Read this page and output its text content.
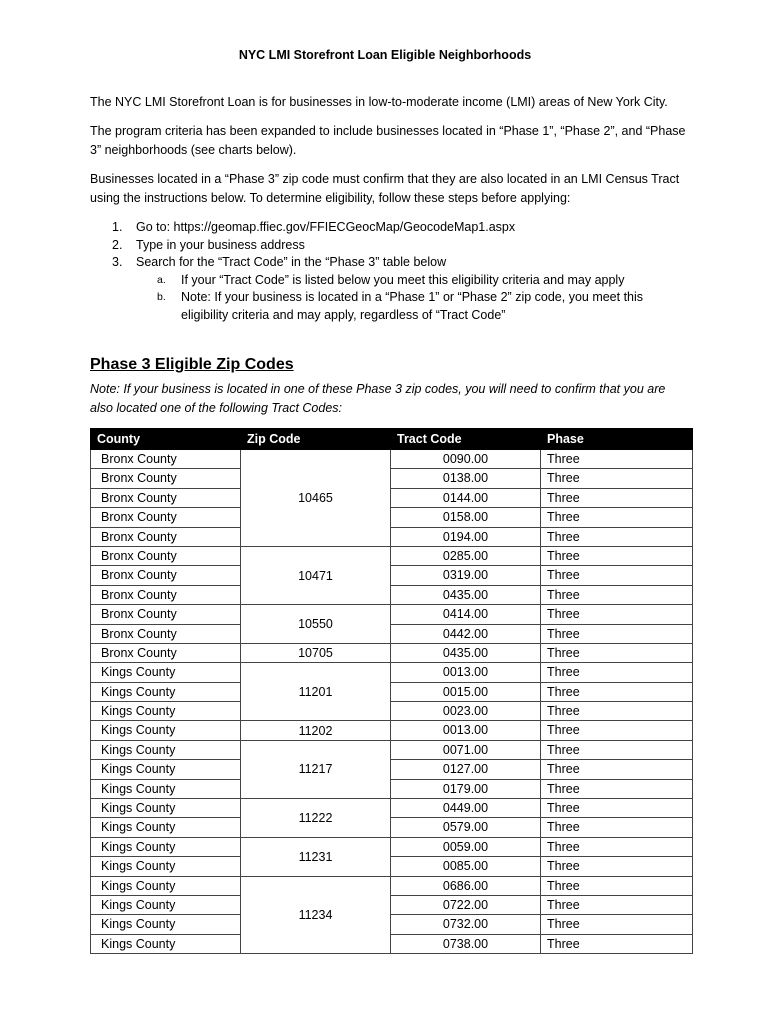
NYC LMI Storefront Loan Eligible Neighborhoods
The NYC LMI Storefront Loan is for businesses in low-to-moderate income (LMI) areas of New York City.
The program criteria has been expanded to include businesses located in “Phase 1”, “Phase 2”, and “Phase 3” neighborhoods (see charts below).
Businesses located in a “Phase 3” zip code must confirm that they are also located in an LMI Census Tract using the instructions below. To determine eligibility, follow these steps before applying:
1. Go to: https://geomap.ffiec.gov/FFIECGeocMap/GeocodeMap1.aspx
2. Type in your business address
3. Search for the “Tract Code” in the “Phase 3” table below
a. If your “Tract Code” is listed below you meet this eligibility criteria and may apply
b. Note: If your business is located in a “Phase 1” or “Phase 2” zip code, you meet this eligibility criteria and may apply, regardless of “Tract Code”
Phase 3 Eligible Zip Codes
Note: If your business is located in one of these Phase 3 zip codes, you will need to confirm that you are also located one of the following Tract Codes:
County	Zip Code	Tract Code	Phase
Bronx County	10465	0090.00	Three
Bronx County		0138.00	Three
Bronx County		0144.00	Three
Bronx County		0158.00	Three
Bronx County		0194.00	Three
Bronx County	10471	0285.00	Three
Bronx County		0319.00	Three
Bronx County		0435.00	Three
Bronx County	10550	0414.00	Three
Bronx County		0442.00	Three
Bronx County	10705	0435.00	Three
Kings County	11201	0013.00	Three
Kings County		0015.00	Three
Kings County		0023.00	Three
Kings County	11202	0013.00	Three
Kings County	11217	0071.00	Three
Kings County		0127.00	Three
Kings County		0179.00	Three
Kings County	11222	0449.00	Three
Kings County		0579.00	Three
Kings County	11231	0059.00	Three
Kings County		0085.00	Three
Kings County	11234	0686.00	Three
Kings County		0722.00	Three
Kings County		0732.00	Three
Kings County		0738.00	Three
